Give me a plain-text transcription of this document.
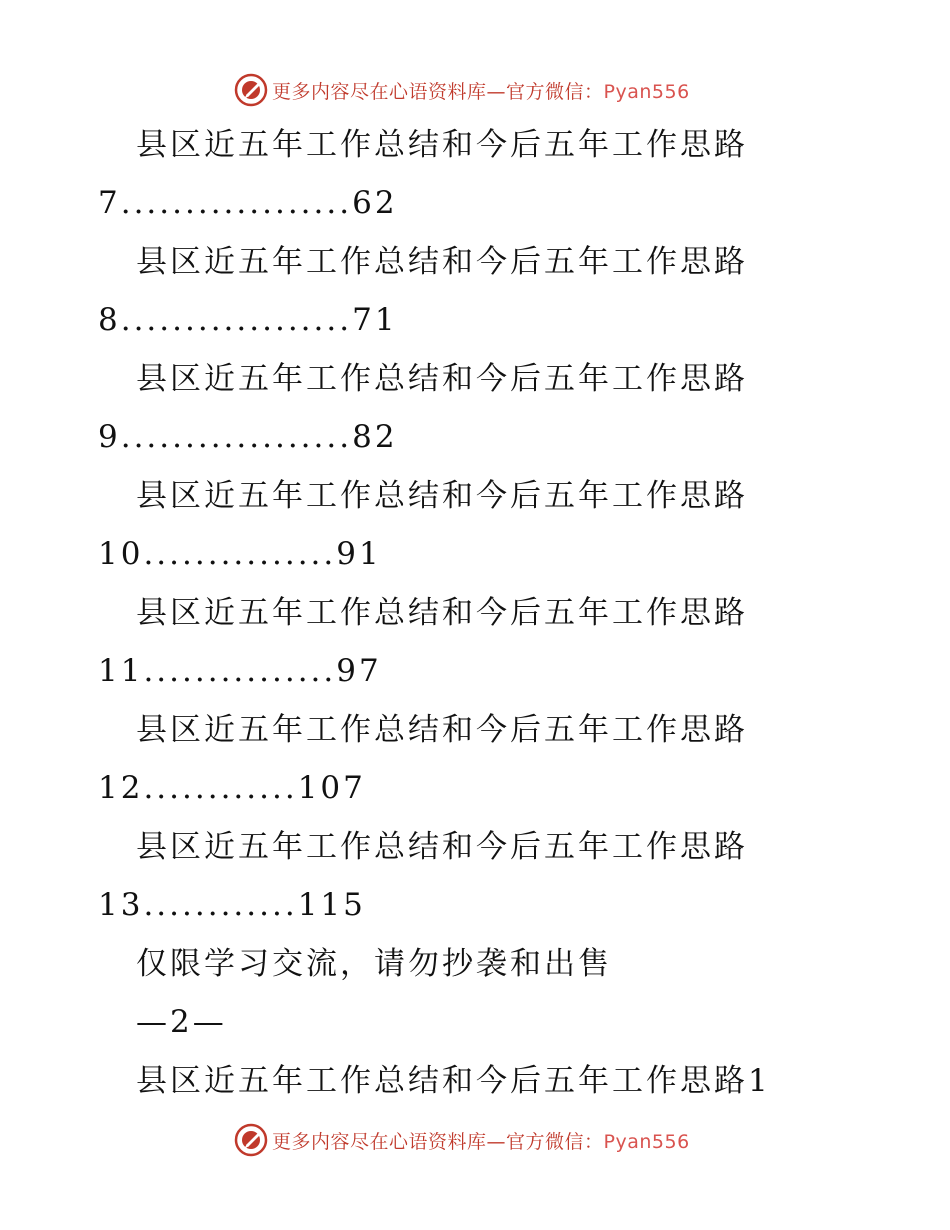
更多内容尽在心语资料库—官方微信：Pyan556
县区近五年工作总结和今后五年工作思路
7..................62
县区近五年工作总结和今后五年工作思路
8..................71
县区近五年工作总结和今后五年工作思路
9..................82
县区近五年工作总结和今后五年工作思路
10...............91
县区近五年工作总结和今后五年工作思路
11...............97
县区近五年工作总结和今后五年工作思路
12............107
县区近五年工作总结和今后五年工作思路
13............115
仅限学习交流，请勿抄袭和出售
—2—
县区近五年工作总结和今后五年工作思路1
更多内容尽在心语资料库—官方微信：Pyan556
